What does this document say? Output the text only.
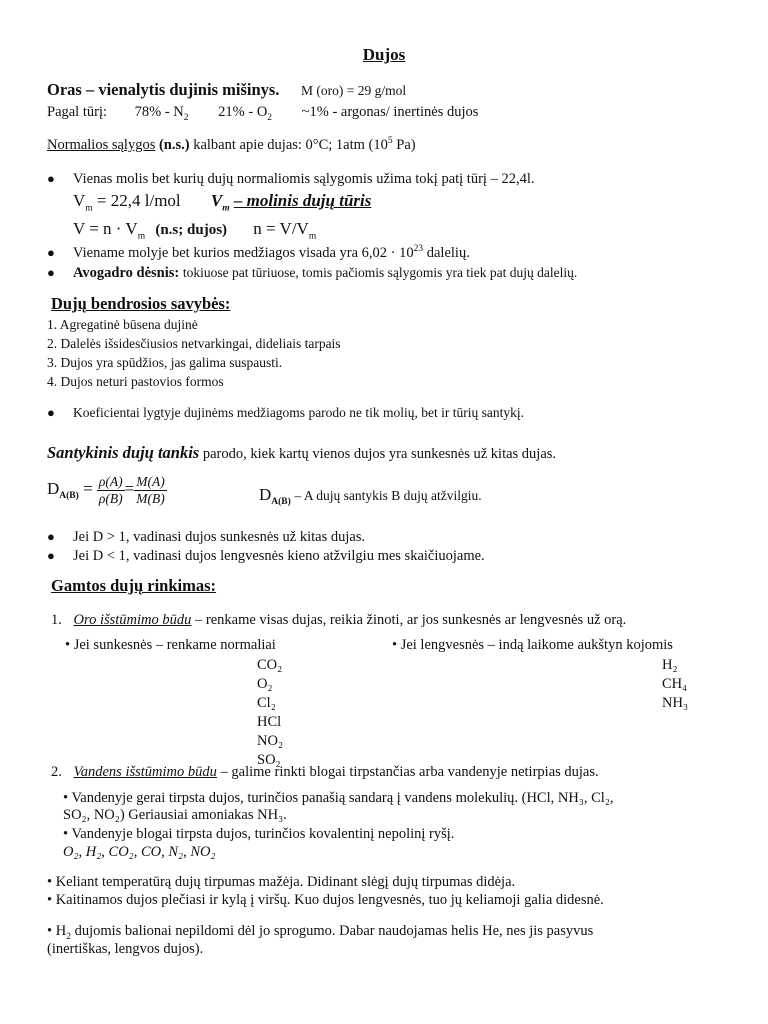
Dujos
Oras – vienalytis dujinis mišinys. M (oro) = 29 g/mol
Pagal tūrį: $78\% - N_2$ $21\% - O_2$ ~1% - argonas/ inertinės dujos
Normalios sąlygos (n.s.) kalbant apie dujas: 0°C; 1atm ($10^5$ Pa)
● Vienas molis bet kurių dujų normaliomis sąlygomis užima tokį patį tūrį – 22,4l.
$V_m = 22,4$ l/mol $V_m$ – molinis dujų tūris
$V = n \cdot V_m$ (n.s; dujos) $n = V/V_m$
● Viename molyje bet kurios medžiagos visada yra $6,02 \cdot 10^{23}$ dalelių.
● Avogadro dėsnis: tokiuose pat tūriuose, tomis pačiomis sąlygomis yra tiek pat dujų dalelių.
Dujų bendrosios savybės:
1. Agregatinė būsena dujinė
2. Dalelės išsidesčiusios netvarkingai, dideliais tarpais
3. Dujos yra spūdžios, jas galima suspausti.
4. Dujos neturi pastovios formos
● Koeficientai lygtyje dujinėms medžiagoms parodo ne tik molių, bet ir tūrių santykį.
Santykinis dujų tankis parodo, kiek kartų vienos dujos yra sunkesnės už kitas dujas.
$D_{A(B)} = \frac{\rho(A)}{\rho(B)} = \frac{M(A)}{M(B)}$	$D_{A(B)}$ – A dujų santykis B dujų atžvilgiu.
● Jei D > 1, vadinasi dujos sunkesnės už kitas dujas.
● Jei D < 1, vadinasi dujos lengvesnės kieno atžvilgiu mes skaičiuojame.
Gamtos dujų rinkimas:
1. Oro išstūmimo būdu – renkame visas dujas, reikia žinoti, ar jos sunkesnės ar lengvesnės už orą.
• Jei sunkesnės – renkame normaliai	• Jei lengvesnės – indą laikome aukštyn kojomis
CO₂
O₂
Cl₂
HCl
NO₂
SO₂
H₂
CH₄
NH₃
2. Vandens išstūmimo būdu – galime rinkti blogai tirpstančias arba vandenyje netirpias dujas.
• Vandenyje gerai tirpsta dujos, turinčios panašią sandarą į vandens molekulių. (HCl, NH₃, Cl₂,
SO₂, NO₂) Geriausiai amoniakas NH₃.
• Vandenyje blogai tirpsta dujos, turinčios kovalentinį nepolinį ryšį.
O₂, H₂, CO₂, CO, N₂, NO₂
• Keliant temperatūrą dujų tirpumas mažėja. Didinant slėgį dujų tirpumas didėja.
• Kaitinamos dujos plečiasi ir kylą į viršų. Kuo dujos lengvesnės, tuo jų keliamoji galia didesnė.
• $H_2$ dujomis balionai nepildomi dėl jo sprogumo. Dabar naudojamas helis He, nes jis pasyvus
(inertiškas, lengvos dujos).
